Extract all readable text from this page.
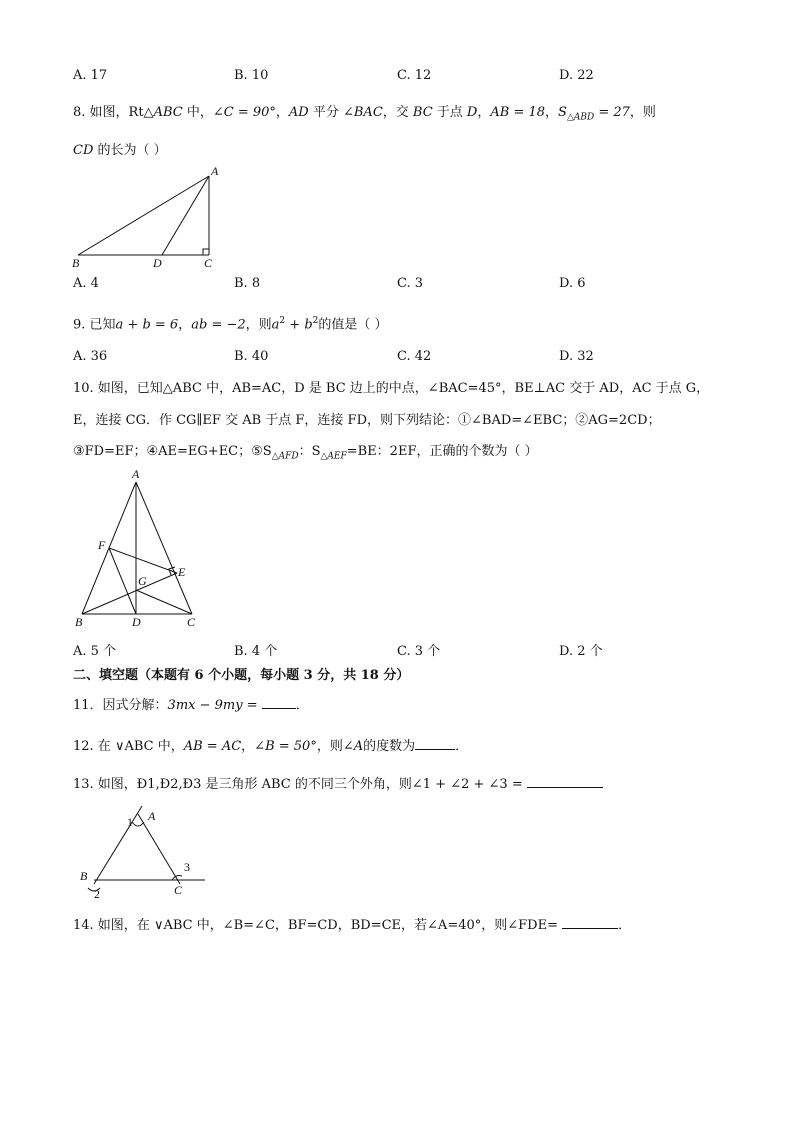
A. 17	B. 10	C. 12	D. 22
8. 如图，Rt△ABC 中，∠C = 90°，AD 平分 ∠BAC，交 BC 于点 D，AB = 18，$S_{\triangle ABD} = 27$，则
CD 的长为（ ）
A
B	C
D
A. 4	B. 8	C. 3	D. 6
9. 已知a + b = 6，ab = −2，则$a^2 + b^2$的值是（ ）
A. 36	B. 40	C. 42	D. 32
10. 如图，已知△ABC 中，AB=AC，D 是 BC 边上的中点，∠BAC=45°，BE⊥AC 交于 AD，AC 于点 G，
E，连接 CG．作 CG∥EF 交 AB 于点 F，连接 FD，则下列结论：①∠BAD=∠EBC；②AG=2CD；
③FD=EF；④AE=EG+EC；$⑤S_{\triangle AFD}$：$S_{\triangle AEF}=BE$：2EF，正确的个数为（ ）
A
B	C
D
E
F
G
A. 5 个	B. 4 个	C. 3 个	D. 2 个
二、填空题（本题有 6 个小题，每小题 3 分，共 18 分）
11．因式分解：3mx − 9my =	．
12. 在 ∨ABC 中，AB = AC，∠B = 50°，则∠A的度数为	．
13. 如图，Ð1,Ð2,Ð3 是三角形 ABC 的不同三个外角，则∠1 + ∠2 + ∠3 =
A
B
C
1
2
3
14. 如图，在 ∨ABC 中，∠B=∠C，BF=CD，BD=CE，若∠A=40°，则∠FDE=	．
